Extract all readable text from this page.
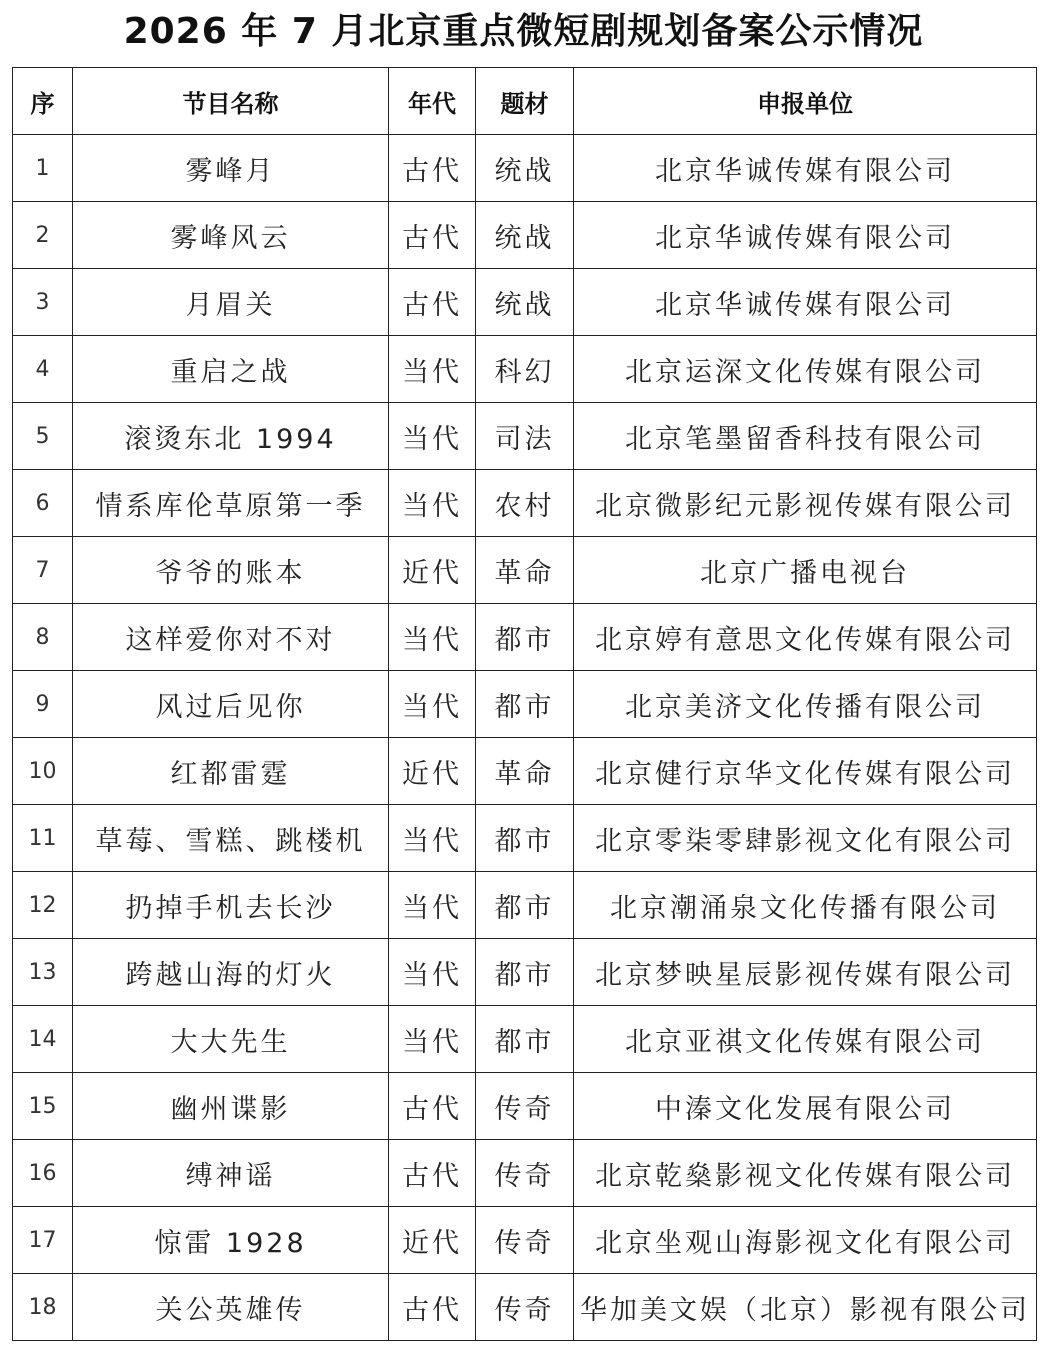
2026 年 7 月北京重点微短剧规划备案公示情况
序	节目名称	年代	题材	申报单位
1	雾峰月	古代	统战	北京华诚传媒有限公司
2	雾峰风云	古代	统战	北京华诚传媒有限公司
3	月眉关	古代	统战	北京华诚传媒有限公司
4	重启之战	当代	科幻	北京运深文化传媒有限公司
5	滚烫东北 1994	当代	司法	北京笔墨留香科技有限公司
6	情系库伦草原第一季	当代	农村	北京微影纪元影视传媒有限公司
7	爷爷的账本	近代	革命	北京广播电视台
8	这样爱你对不对	当代	都市	北京婷有意思文化传媒有限公司
9	风过后见你	当代	都市	北京美济文化传播有限公司
10	红都雷霆	近代	革命	北京健行京华文化传媒有限公司
11	草莓、雪糕、跳楼机	当代	都市	北京零柒零肆影视文化有限公司
12	扔掉手机去长沙	当代	都市	北京潮涌泉文化传播有限公司
13	跨越山海的灯火	当代	都市	北京梦映星辰影视传媒有限公司
14	大大先生	当代	都市	北京亚祺文化传媒有限公司
15	幽州谍影	古代	传奇	中溱文化发展有限公司
16	缚神谣	古代	传奇	北京乾燊影视文化传媒有限公司
17	惊雷 1928	近代	传奇	北京坐观山海影视文化有限公司
18	关公英雄传	古代	传奇	华加美文娱（北京）影视有限公司
